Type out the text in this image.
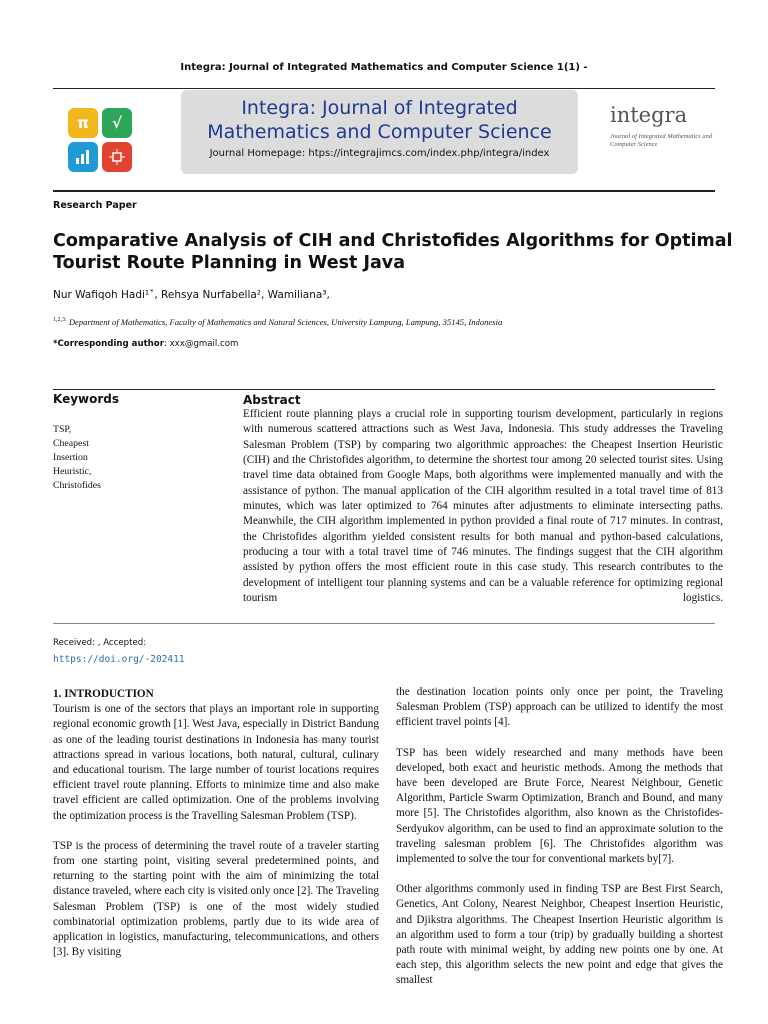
Integra: Journal of Integrated Mathematics and Computer Science 1(1) -
π	√
Integra: Journal of Integrated
Mathematics and Computer Science
Journal Homepage: htps://integrajimcs.com/index.php/integra/index
integra
Journal of Integrated Mathematics and Computer Science
Research Paper
Comparative Analysis of CIH and Christofides Algorithms for Optimal Tourist Route Planning in West Java
Nur Wafiqoh Hadi¹˟, Rehsya Nurfabella², Wamiliana³,
$^{1,2,3:}$ Department of Mathematics, Faculty of Mathematics and Natural Sciences, University Lampung, Lampung, 35145, Indonesia
*Corresponding author: xxx@gmail.com
Keywords
TSP,
Cheapest
Insertion
Heuristic,
Christofides
Abstract
Efficient route planning plays a crucial role in supporting tourism development, particularly in regions with numerous scattered attractions such as West Java, Indonesia. This study addresses the Traveling Salesman Problem (TSP) by comparing two algorithmic approaches: the Cheapest Insertion Heuristic (CIH) and the Christofides algorithm, to determine the shortest tour among 20 selected tourist sites. Using travel time data obtained from Google Maps, both algorithms were implemented manually and with the assistance of python. The manual application of the CIH algorithm resulted in a total travel time of 813 minutes, which was later optimized to 764 minutes after adjustments to eliminate intersecting paths. Meanwhile, the CIH algorithm implemented in python provided a final route of 717 minutes. In contrast, the Christofides algorithm yielded consistent results for both manual and python-based calculations, producing a tour with a total travel time of 746 minutes. The findings suggest that the CIH algorithm assisted by python offers the most efficient route in this case study. This research contributes to the development of intelligent tour planning systems and can be a valuable reference for optimizing regional tourism logistics.
Received: , Accepted:
https://doi.org/-202411
1. INTRODUCTION

Tourism is one of the sectors that plays an important role in supporting regional economic growth [1]. West Java, especially in District Bandung as one of the leading tourist destinations in Indonesia has many tourist attractions spread in various locations, both natural, cultural, culinary and educational tourism. The large number of tourist locations requires efficient travel route planning. Efforts to minimize time and also make travel efficient are called optimization. One of the problems involving the optimization process is the Travelling Salesman Problem (TSP).

TSP is the process of determining the travel route of a traveler starting from one starting point, visiting several predetermined points, and returning to the starting point with the aim of minimizing the total distance traveled, where each city is visited only once [2]. The Traveling Salesman Problem (TSP) is one of the most widely studied combinatorial optimization problems, partly due to its wide area of application in logistics, manufacturing, telecommunications, and others [3]. By visiting

the destination location points only once per point, the Traveling Salesman Problem (TSP) approach can be utilized to identify the most efficient travel points [4].

TSP has been widely researched and many methods have been developed, both exact and heuristic methods. Among the methods that have been developed are Brute Force, Nearest Neighbour, Genetic Algorithm, Particle Swarm Optimization, Branch and Bound, and many more [5]. The Christofides algorithm, also known as the Christofides-Serdyukov algorithm, can be used to find an approximate solution to the traveling salesman problem [6]. The Christofides algorithm was implemented to solve the tour for conventional markets by[7].

Other algorithms commonly used in finding TSP are Best First Search, Genetics, Ant Colony, Nearest Neighbor, Cheapest Insertion Heuristic, and Djikstra algorithms. The Cheapest Insertion Heuristic algorithm is an algorithm used to form a tour (trip) by gradually building a shortest path route with minimal weight, by adding new points one by one. At each step, this algorithm selects the new point and edge that gives the smallest
